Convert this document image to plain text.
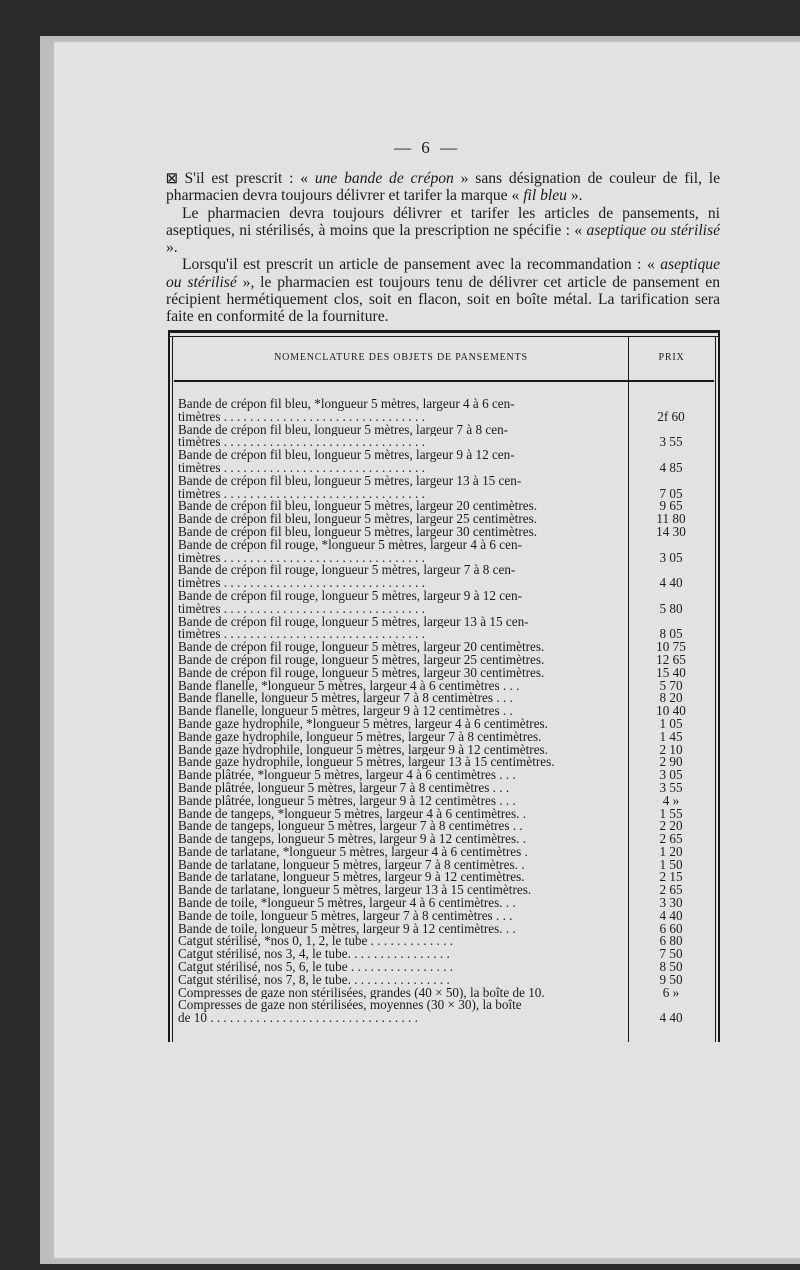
— 6 —

☒ S'il est prescrit : « une bande de crépon » sans désignation de couleur de fil, le pharmacien devra toujours délivrer et tarifer la marque « fil bleu ».

Le pharmacien devra toujours délivrer et tarifer les articles de pansements, ni aseptiques, ni stérilisés, à moins que la prescription ne spécifie : « aseptique ou stérilisé ».

Lorsqu'il est prescrit un article de pansement avec la recommandation : « aseptique ou stérilisé », le pharmacien est toujours tenu de délivrer cet article de pansement en récipient hermétiquement clos, soit en flacon, soit en boîte métal. La tarification sera faite en conformité de la fourniture.

NOMENCLATURE DES OBJETS DE PANSEMENTS	PRIX
Bande de crépon fil bleu, *longueur 5 mètres, largeur 4 à 6 cen-
timètres . . . . . . . . . . . . . . . . . . . . . . . . . . . . . . .	2f 60
Bande de crépon fil bleu, longueur 5 mètres, largeur 7 à 8 cen-
timètres . . . . . . . . . . . . . . . . . . . . . . . . . . . . . . .	3 55
Bande de crépon fil bleu, longueur 5 mètres, largeur 9 à 12 cen-
timètres . . . . . . . . . . . . . . . . . . . . . . . . . . . . . . .	4 85
Bande de crépon fil bleu, longueur 5 mètres, largeur 13 à 15 cen-
timètres . . . . . . . . . . . . . . . . . . . . . . . . . . . . . . .	7 05
Bande de crépon fil bleu, longueur 5 mètres, largeur 20 centimètres.	9 65
Bande de crépon fil bleu, longueur 5 mètres, largeur 25 centimètres.	11 80
Bande de crépon fil bleu, longueur 5 mètres, largeur 30 centimètres.	14 30
Bande de crépon fil rouge, *longueur 5 mètres, largeur 4 à 6 cen-
timètres . . . . . . . . . . . . . . . . . . . . . . . . . . . . . . .	3 05
Bande de crépon fil rouge, longueur 5 mètres, largeur 7 à 8 cen-
timètres . . . . . . . . . . . . . . . . . . . . . . . . . . . . . . .	4 40
Bande de crépon fil rouge, longueur 5 mètres, largeur 9 à 12 cen-
timètres . . . . . . . . . . . . . . . . . . . . . . . . . . . . . . .	5 80
Bande de crépon fil rouge, longueur 5 mètres, largeur 13 à 15 cen-
timètres . . . . . . . . . . . . . . . . . . . . . . . . . . . . . . .	8 05
Bande de crépon fil rouge, longueur 5 mètres, largeur 20 centimètres.	10 75
Bande de crépon fil rouge, longueur 5 mètres, largeur 25 centimètres.	12 65
Bande de crépon fil rouge, longueur 5 mètres, largeur 30 centimètres.	15 40
Bande flanelle, *longueur 5 mètres, largeur 4 à 6 centimètres . . .	5 70
Bande flanelle, longueur 5 mètres, largeur 7 à 8 centimètres . . .	8 20
Bande flanelle, longueur 5 mètres, largeur 9 à 12 centimètres . .	10 40
Bande gaze hydrophile, *longueur 5 mètres, largeur 4 à 6 centimètres.	1 05
Bande gaze hydrophile, longueur 5 mètres, largeur 7 à 8 centimètres.	1 45
Bande gaze hydrophile, longueur 5 mètres, largeur 9 à 12 centimètres.	2 10
Bande gaze hydrophile, longueur 5 mètres, largeur 13 à 15 centimètres.	2 90
Bande plâtrée, *longueur 5 mètres, largeur 4 à 6 centimètres . . .	3 05
Bande plâtrée, longueur 5 mètres, largeur 7 à 8 centimètres . . .	3 55
Bande plâtrée, longueur 5 mètres, largeur 9 à 12 centimètres . . .	4 »
Bande de tangeps, *longueur 5 mètres, largeur 4 à 6 centimètres. .	1 55
Bande de tangeps, longueur 5 mètres, largeur 7 à 8 centimètres . .	2 20
Bande de tangeps, longueur 5 mètres, largeur 9 à 12 centimètres. .	2 65
Bande de tarlatane, *longueur 5 mètres, largeur 4 à 6 centimètres .	1 20
Bande de tarlatane, longueur 5 mètres, largeur 7 à 8 centimètres. .	1 50
Bande de tarlatane, longueur 5 mètres, largeur 9 à 12 centimètres.	2 15
Bande de tarlatane, longueur 5 mètres, largeur 13 à 15 centimètres.	2 65
Bande de toile, *longueur 5 mètres, largeur 4 à 6 centimètres. . .	3 30
Bande de toile, longueur 5 mètres, largeur 7 à 8 centimètres . . .	4 40
Bande de toile, longueur 5 mètres, largeur 9 à 12 centimètres. . .	6 60
Catgut stérilisé, *nos 0, 1, 2, le tube . . . . . . . . . . . . .	6 80
Catgut stérilisé, nos 3, 4, le tube. . . . . . . . . . . . . . . .	7 50
Catgut stérilisé, nos 5, 6, le tube . . . . . . . . . . . . . . . .	8 50
Catgut stérilisé, nos 7, 8, le tube. . . . . . . . . . . . . . . .	9 50
Compresses de gaze non stérilisées, grandes (40 × 50), la boîte de 10.	6 »
Compresses de gaze non stérilisées, moyennes (30 × 30), la boîte
de 10 . . . . . . . . . . . . . . . . . . . . . . . . . . . . . . . .	4 40
